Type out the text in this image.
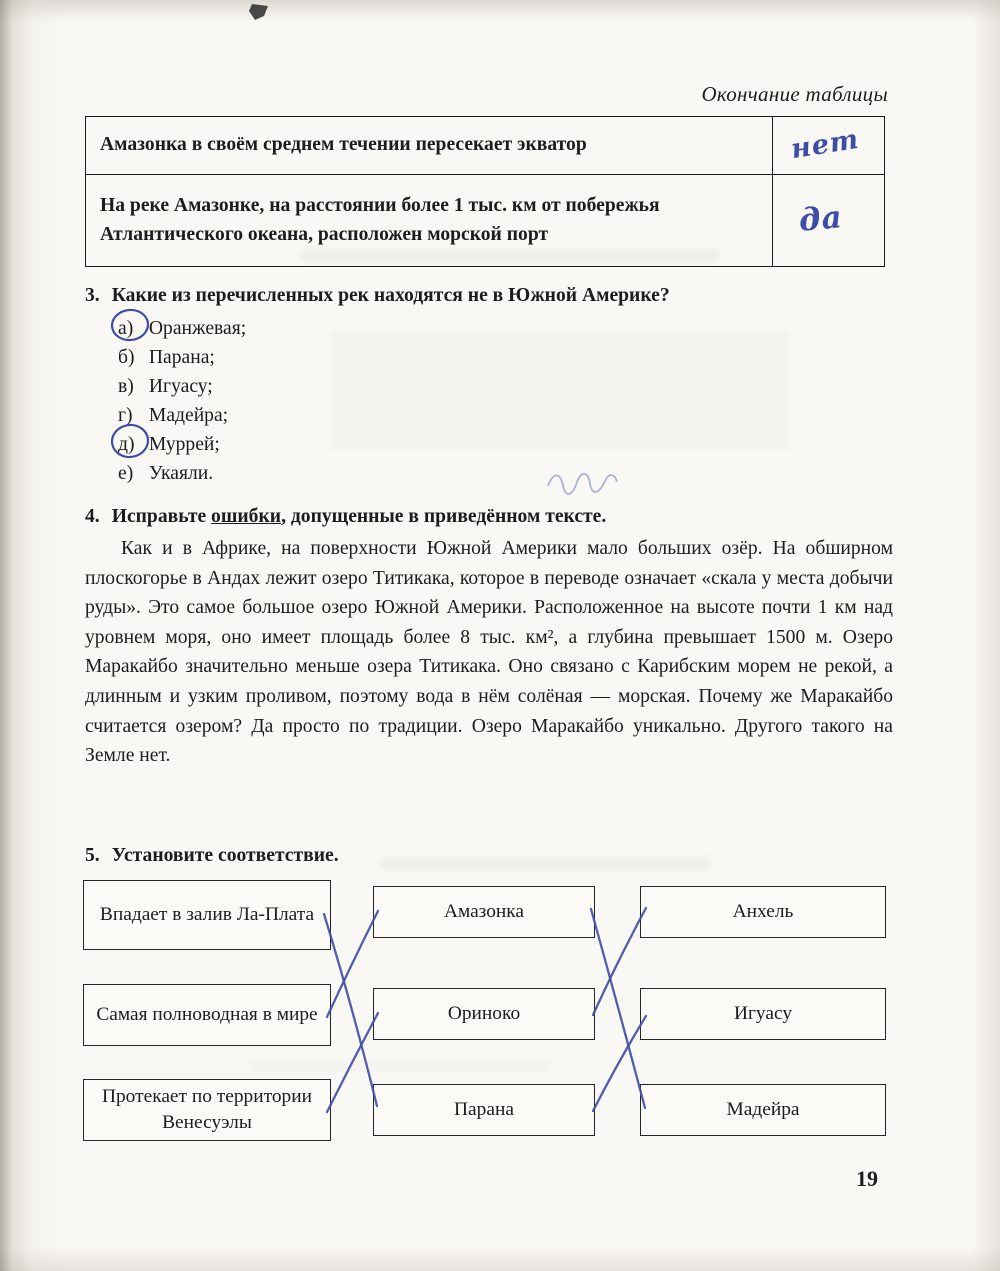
Окончание таблицы
Амазонка в своём среднем течении пересекает экватор	нет

На реке Амазонке, на расстоянии более 1 тыс. км от побережья Атлантического океана, расположен морской порт	да
3. Какие из перечисленных рек находятся не в Южной Америке?
а) Оранжевая;
б) Парана;
в) Игуасу;
г) Мадейра;
д) Муррей;
е) Укаяли.
4. Исправьте ошибки, допущенные в приведённом тексте.
Как и в Африке, на поверхности Южной Америки мало больших озёр. На обширном плоскогорье в Андах лежит озеро Титикака, которое в переводе означает «скала у места добычи руды». Это самое большое озеро Южной Америки. Расположенное на высоте почти 1 км над уровнем моря, оно имеет площадь более 8 тыс. км², а глубина превышает 1500 м. Озеро Маракайбо значительно меньше озера Титикака. Оно связано с Карибским морем не рекой, а длинным и узким проливом, поэтому вода в нём солёная — морская. Почему же Маракайбо считается озером? Да просто по традиции. Озеро Маракайбо уникально. Другого такого на Земле нет.
5. Установите соответствие.
Впадает в залив Ла-Плата
Самая полноводная в мире
Протекает по территории Венесуэлы
Амазонка
Ориноко
Парана
Анхель
Игуасу
Мадейра
19
